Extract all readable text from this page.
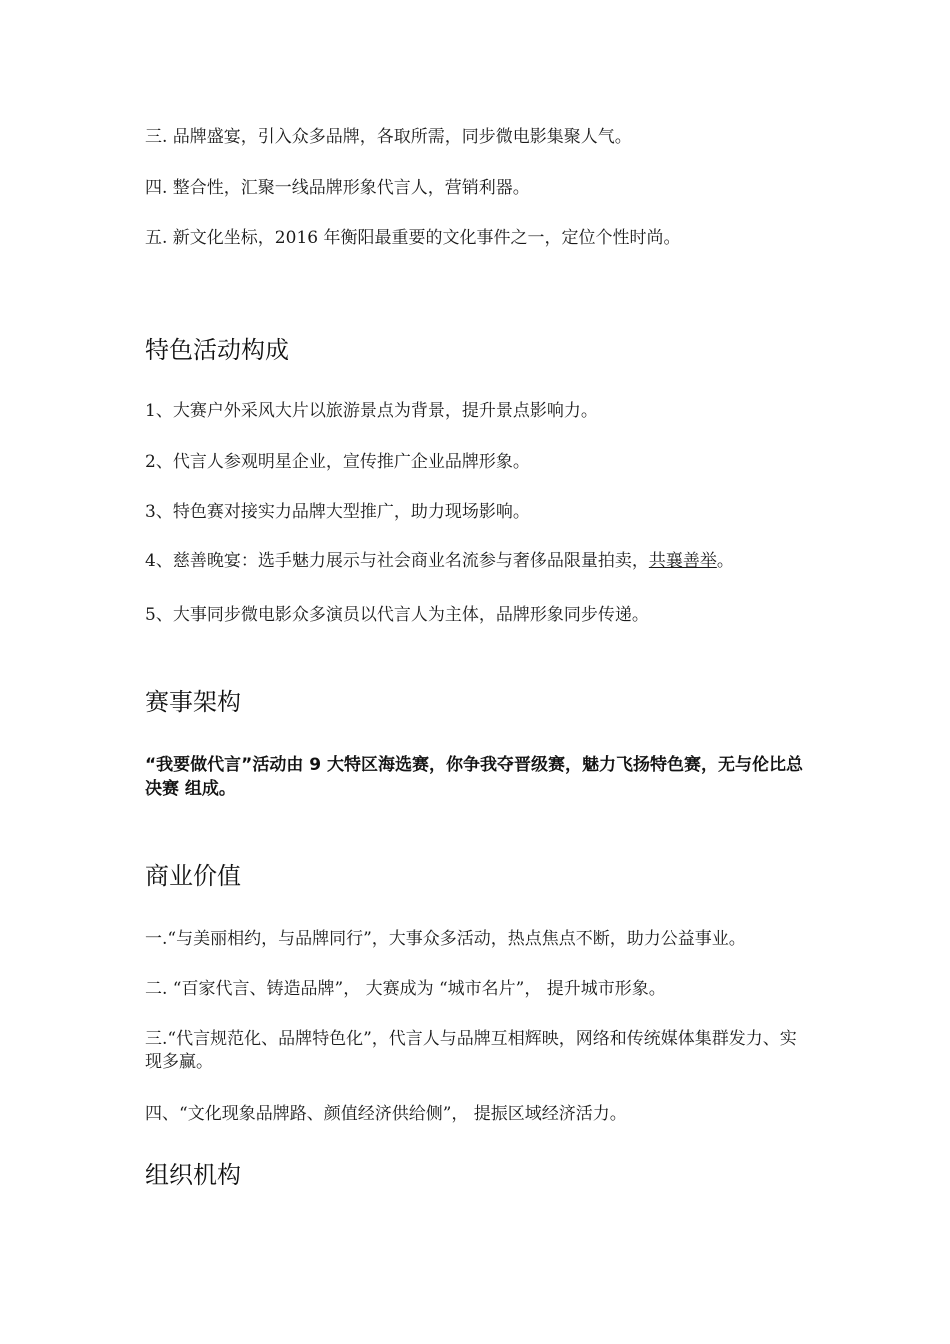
三. 品牌盛宴，引入众多品牌，各取所需，同步微电影集聚人气。
四. 整合性，汇聚一线品牌形象代言人，营销利器。
五. 新文化坐标，2016 年衡阳最重要的文化事件之一，定位个性时尚。
特色活动构成
1、大赛户外采风大片以旅游景点为背景，提升景点影响力。
2、代言人参观明星企业，宣传推广企业品牌形象。
3、特色赛对接实力品牌大型推广，助力现场影响。
4、慈善晚宴：选手魅力展示与社会商业名流参与奢侈品限量拍卖，共襄善举。
5、大事同步微电影众多演员以代言人为主体，品牌形象同步传递。
赛事架构
“我要做代言”活动由 9 大特区海选赛，你争我夺晋级赛，魅力飞扬特色赛，无与伦比总决赛 组成。
商业价值
一.“与美丽相约，与品牌同行”，大事众多活动，热点焦点不断，助力公益事业。
二. “百家代言、铸造品牌”， 大赛成为 “城市名片”， 提升城市形象。
三.“代言规范化、品牌特色化”，代言人与品牌互相辉映，网络和传统媒体集群发力、实现多赢。
四、“文化现象品牌路、颜值经济供给侧”， 提振区域经济活力。
组织机构
